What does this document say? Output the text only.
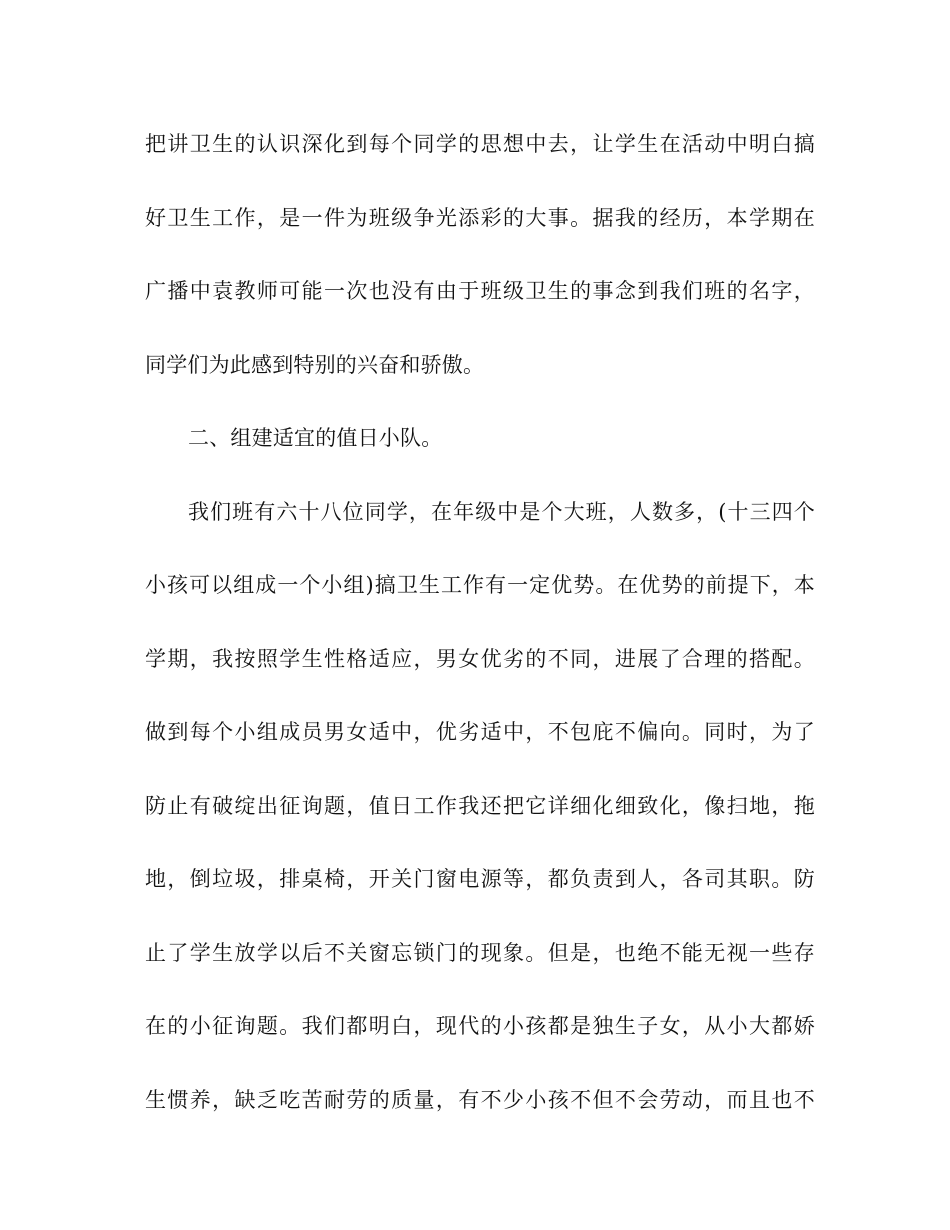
把讲卫生的认识深化到每个同学的思想中去，让学生在活动中明白搞
好卫生工作，是一件为班级争光添彩的大事。据我的经历，本学期在
广播中袁教师可能一次也没有由于班级卫生的事念到我们班的名字，
同学们为此感到特别的兴奋和骄傲。
二、组建适宜的值日小队。
我们班有六十八位同学，在年级中是个大班，人数多，(十三四个
小孩可以组成一个小组)搞卫生工作有一定优势。在优势的前提下，本
学期，我按照学生性格适应，男女优劣的不同，进展了合理的搭配。
做到每个小组成员男女适中，优劣适中，不包庇不偏向。同时，为了
防止有破绽出征询题，值日工作我还把它详细化细致化，像扫地，拖
地，倒垃圾，排桌椅，开关门窗电源等，都负责到人，各司其职。防
止了学生放学以后不关窗忘锁门的现象。但是，也绝不能无视一些存
在的小征询题。我们都明白，现代的小孩都是独生子女，从小大都娇
生惯养，缺乏吃苦耐劳的质量，有不少小孩不但不会劳动，而且也不
